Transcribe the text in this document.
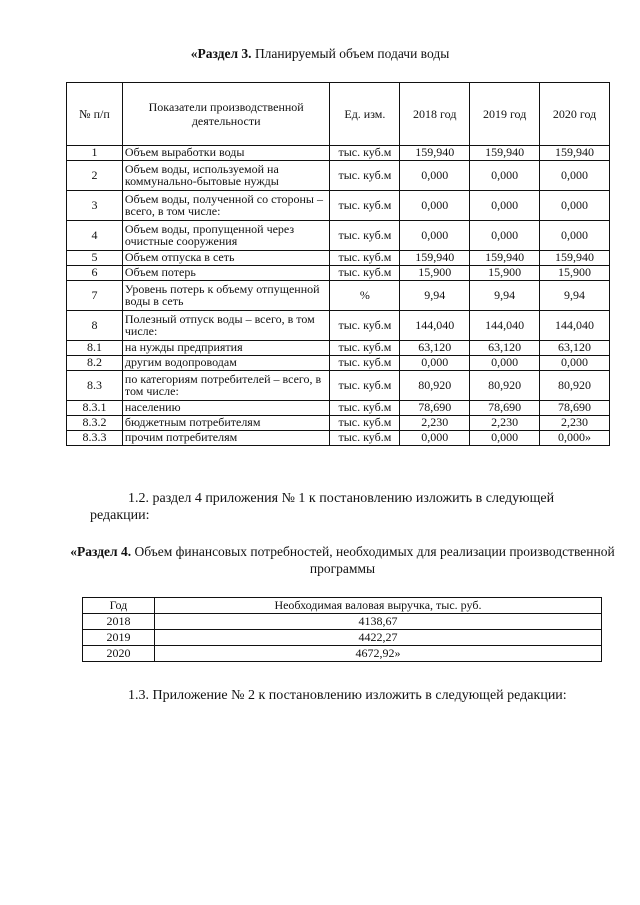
«Раздел 3. Планируемый объем подачи воды
№ п/п	Показатели производственной деятельности	Ед. изм.	2018 год	2019 год	2020 год
1	Объем выработки воды	тыс. куб.м	159,940	159,940	159,940
2	Объем воды, используемой на коммунально-бытовые нужды	тыс. куб.м	0,000	0,000	0,000
3	Объем воды, полученной со стороны – всего, в том числе:	тыс. куб.м	0,000	0,000	0,000
4	Объем воды, пропущенной через очистные сооружения	тыс. куб.м	0,000	0,000	0,000
5	Объем отпуска в сеть	тыс. куб.м	159,940	159,940	159,940
6	Объем потерь	тыс. куб.м	15,900	15,900	15,900
7	Уровень потерь к объему отпущенной воды в сеть	%	9,94	9,94	9,94
8	Полезный отпуск воды – всего, в том числе:	тыс. куб.м	144,040	144,040	144,040
8.1	на нужды предприятия	тыс. куб.м	63,120	63,120	63,120
8.2	другим водопроводам	тыс. куб.м	0,000	0,000	0,000
8.3	по категориям потребителей – всего, в том числе:	тыс. куб.м	80,920	80,920	80,920
8.3.1	населению	тыс. куб.м	78,690	78,690	78,690
8.3.2	бюджетным потребителям	тыс. куб.м	2,230	2,230	2,230
8.3.3	прочим потребителям	тыс. куб.м	0,000	0,000	0,000»
1.2. раздел 4 приложения № 1 к постановлению изложить в следующей редакции:
«Раздел 4. Объем финансовых потребностей, необходимых для реализации производственной программы
Год	Необходимая валовая выручка, тыс. руб.
2018	4138,67
2019	4422,27
2020	4672,92»
1.3. Приложение № 2 к постановлению изложить в следующей редакции:
